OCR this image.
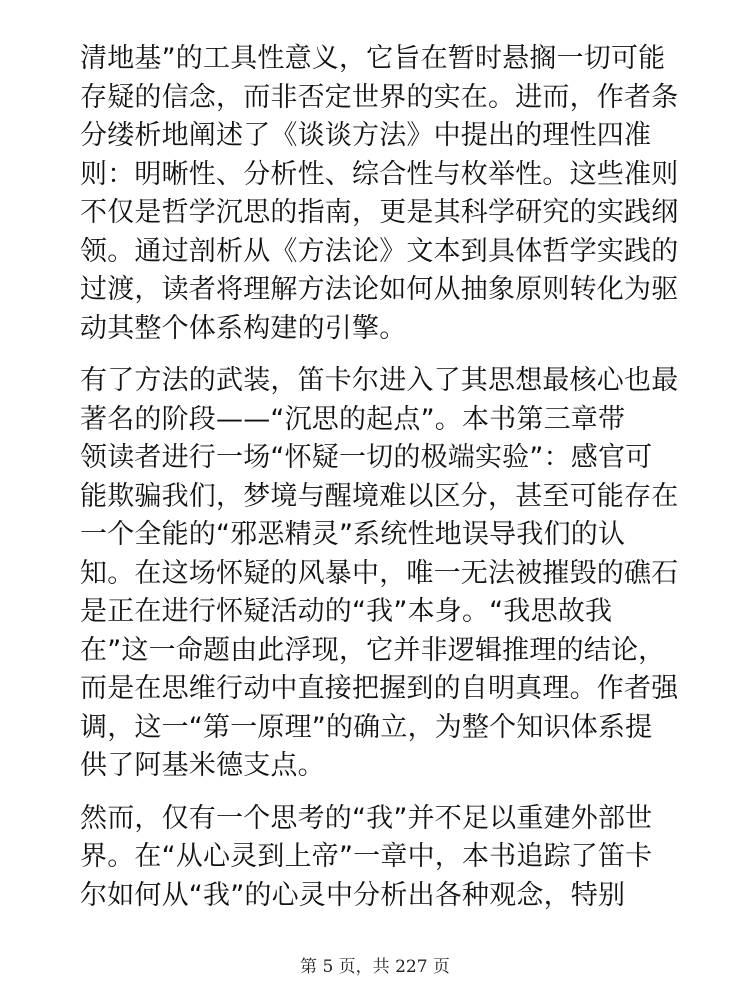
清地基”的工具性意义，它旨在暂时悬搁一切可能
存疑的信念，而非否定世界的实在。进而，作者条
分缕析地阐述了《谈谈方法》中提出的理性四准
则：明晰性、分析性、综合性与枚举性。这些准则
不仅是哲学沉思的指南，更是其科学研究的实践纲
领。通过剖析从《方法论》文本到具体哲学实践的
过渡，读者将理解方法论如何从抽象原则转化为驱
动其整个体系构建的引擎。
有了方法的武装，笛卡尔进入了其思想最核心也最
著名的阶段——“沉思的起点”。本书第三章带
领读者进行一场“怀疑一切的极端实验”：感官可
能欺骗我们，梦境与醒境难以区分，甚至可能存在
一个全能的“邪恶精灵”系统性地误导我们的认
知。在这场怀疑的风暴中，唯一无法被摧毁的礁石
是正在进行怀疑活动的“我”本身。“我思故我
在”这一命题由此浮现，它并非逻辑推理的结论，
而是在思维行动中直接把握到的自明真理。作者强
调，这一“第一原理”的确立，为整个知识体系提
供了阿基米德支点。
然而，仅有一个思考的“我”并不足以重建外部世
界。在“从心灵到上帝”一章中，本书追踪了笛卡
尔如何从“我”的心灵中分析出各种观念，特别
第 5 页，共 227 页
